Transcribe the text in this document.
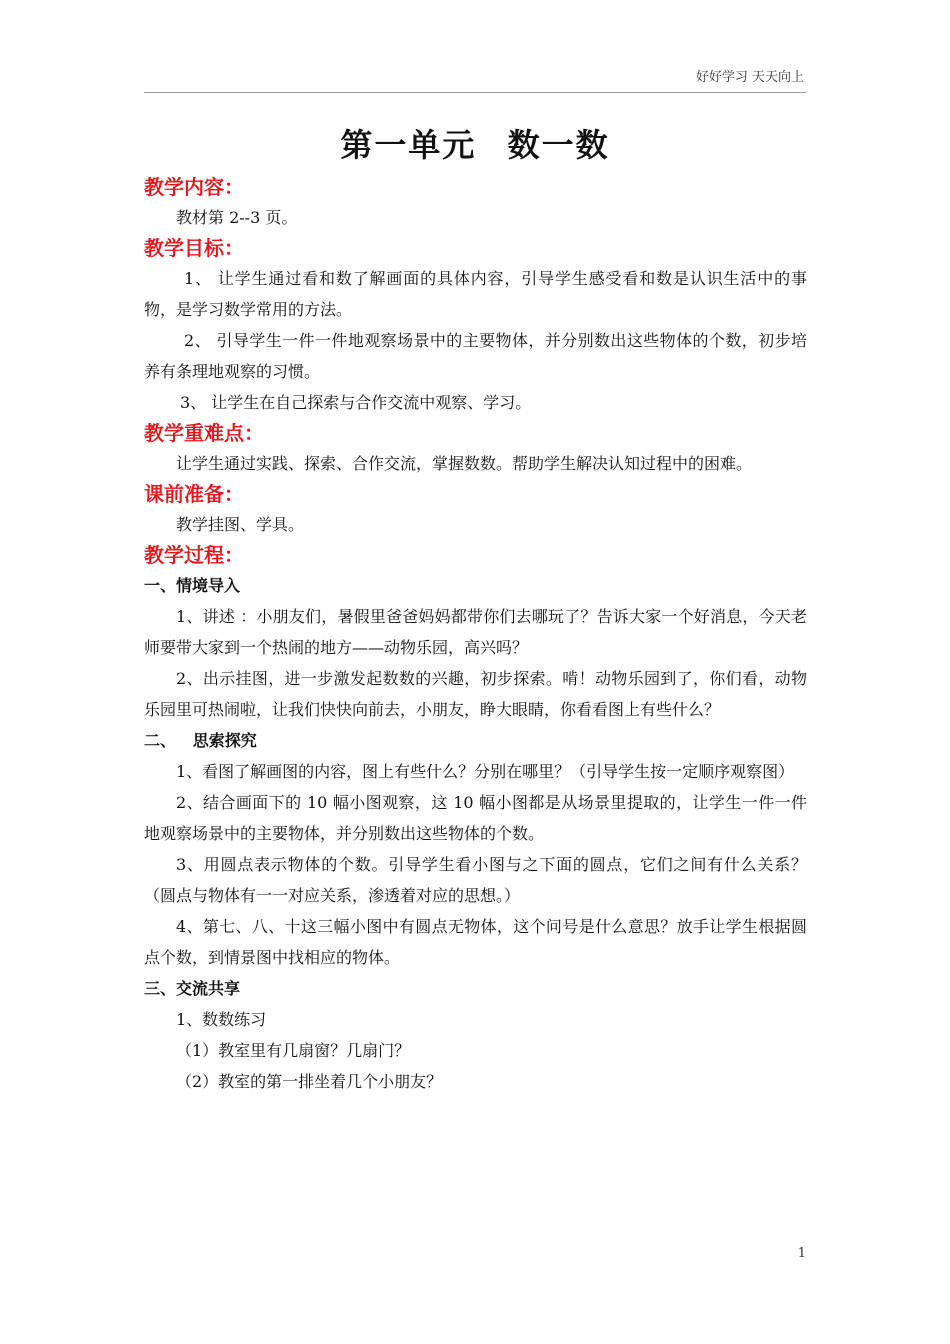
好好学习 天天向上
第一单元 数一数
教学内容：

教材第 2--3 页。

教学目标：

1、 让学生通过看和数了解画面的具体内容，引导学生感受看和数是认识生活中的事物，是学习数学常用的方法。

2、 引导学生一件一件地观察场景中的主要物体，并分别数出这些物体的个数，初步培养有条理地观察的习惯。

3、 让学生在自己探索与合作交流中观察、学习。

教学重难点：

让学生通过实践、探索、合作交流，掌握数数。帮助学生解决认知过程中的困难。

课前准备：

教学挂图、学具。

教学过程：
一、情境导入

1、讲述 ：小朋友们，暑假里爸爸妈妈都带你们去哪玩了？告诉大家一个好消息，今天老师要带大家到一个热闹的地方——动物乐园，高兴吗？

2、出示挂图，进一步激发起数数的兴趣，初步探索。啃！动物乐园到了，你们看，动物乐园里可热闹啦，让我们快快向前去，小朋友，睁大眼睛，你看看图上有些什么？

二、   思索探究

1、看图了解画图的内容，图上有些什么？分别在哪里？（引导学生按一定顺序观察图）

2、结合画面下的 10 幅小图观察，这 10 幅小图都是从场景里提取的，让学生一件一件地观察场景中的主要物体，并分别数出这些物体的个数。

3、用圆点表示物体的个数。引导学生看小图与之下面的圆点，它们之间有什么关系？（圆点与物体有一一对应关系，渗透着对应的思想。）

4、第七、八、十这三幅小图中有圆点无物体，这个问号是什么意思？放手让学生根据圆点个数，到情景图中找相应的物体。

三、交流共享

1、数数练习

（1）教室里有几扇窗？几扇门？

（2）教室的第一排坐着几个小朋友？

1
